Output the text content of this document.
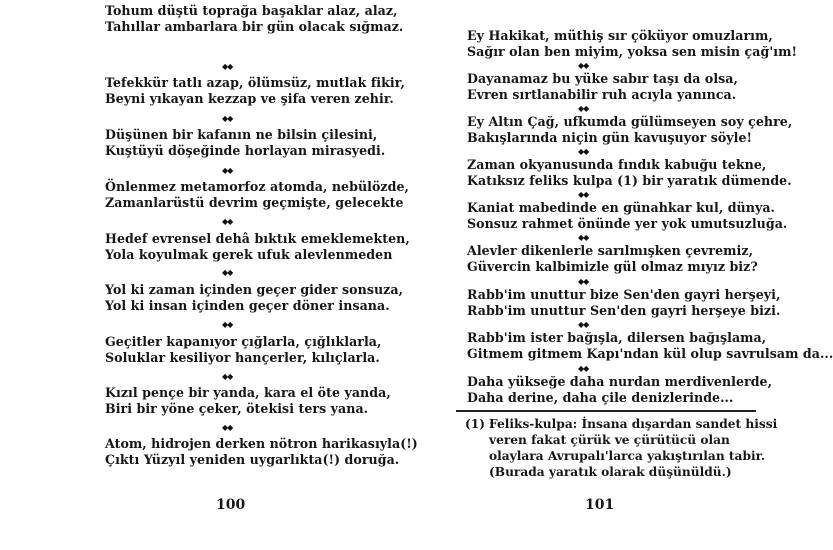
Tohum düştü toprağa başaklar alaz, alaz,
Tahıllar ambarlara bir gün olacak sığmaz.
◆◆
Tefekkür tatlı azap, ölümsüz, mutlak fikir,
Beyni yıkayan kezzap ve şifa veren zehir.
◆◆
Düşünen bir kafanın ne bilsin çilesini,
Kuştüyü döşeğinde horlayan mirasyedi.
◆◆
Önlenmez metamorfoz atomda, nebülözde,
Zamanlarüstü devrim geçmişte, gelecekte
◆◆
Hedef evrensel dehâ bıktık emeklemekten,
Yola koyulmak gerek ufuk alevlenmeden
◆◆
Yol ki zaman içinden geçer gider sonsuza,
Yol ki insan içinden geçer döner insana.
◆◆
Geçitler kapanıyor çığlarla, çığlıklarla,
Soluklar kesiliyor hançerler, kılıçlarla.
◆◆
Kızıl pençe bir yanda, kara el öte yanda,
Biri bir yöne çeker, ötekisi ters yana.
◆◆
Atom, hidrojen derken nötron harikasıyla(!)
Çıktı Yüzyıl yeniden uygarlıkta(!) doruğa.
100
Ey Hakikat, müthiş sır çöküyor omuzlarım,
Sağır olan ben miyim, yoksa sen misin çağ'ım!
◆◆
Dayanamaz bu yüke sabır taşı da olsa,
Evren sırtlanabilir ruh acıyla yanınca.
◆◆
Ey Altın Çağ, ufkumda gülümseyen soy çehre,
Bakışlarında niçin gün kavuşuyor söyle!
◆◆
Zaman okyanusunda fındık kabuğu tekne,
Katıksız feliks kulpa (1) bir yaratık dümende.
◆◆
Kaniat mabedinde en günahkar kul, dünya.
Sonsuz rahmet önünde yer yok umutsuzluğa.
◆◆
Alevler dikenlerle sarılmışken çevremiz,
Güvercin kalbimizle gül olmaz mıyız biz?
◆◆
Rabb'im unuttur bize Sen'den gayri herşeyi,
Rabb'im unuttur Sen'den gayri herşeye bizi.
◆◆
Rabb'im ister bağışla, dilersen bağışlama,
Gitmem gitmem Kapı'ndan kül olup savrulsam da...
◆◆
Daha yükseğe daha nurdan merdivenlerde,
Daha derine, daha çile denizlerinde...
(1) :Feliks-kulpa: İnsana dışardan sandet hissi
veren fakat çürük ve çürütücü olan
olaylara Avrupalı'larca yakıştırılan tabir.
(Burada yaratık olarak düşünüldü.)
101
